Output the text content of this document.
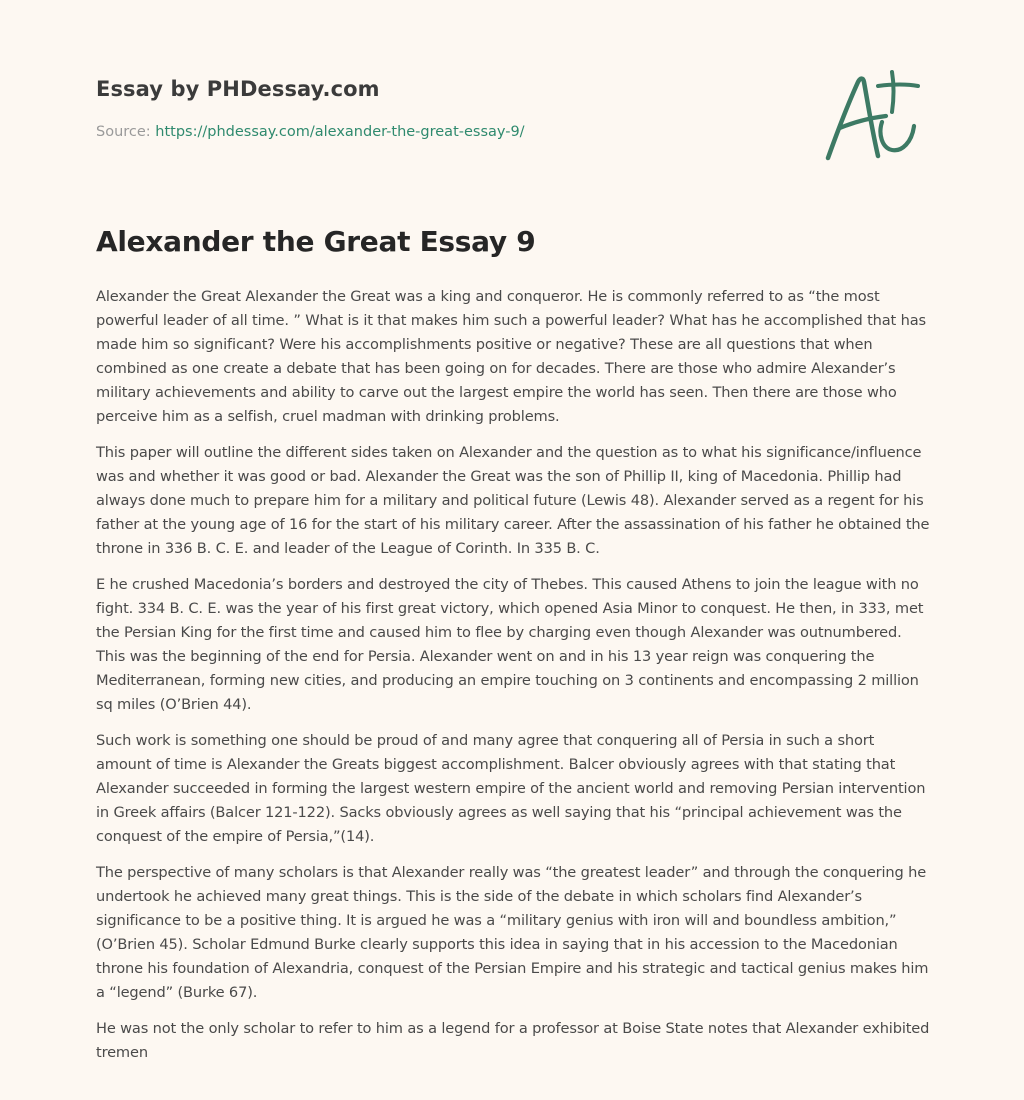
Essay by PHDessay.com
Source: https://phdessay.com/alexander-the-great-essay-9/
Alexander the Great Essay 9

Alexander the Great Alexander the Great was a king and conqueror. He is commonly referred to as “the most powerful leader of all time. ” What is it that makes him such a powerful leader? What has he accomplished that has made him so significant? Were his accomplishments positive or negative? These are all questions that when combined as one create a debate that has been going on for decades. There are those who admire Alexander’s military achievements and ability to carve out the largest empire the world has seen. Then there are those who perceive him as a selfish, cruel madman with drinking problems.

This paper will outline the different sides taken on Alexander and the question as to what his significance/influence was and whether it was good or bad. Alexander the Great was the son of Phillip II, king of Macedonia. Phillip had always done much to prepare him for a military and political future (Lewis 48). Alexander served as a regent for his father at the young age of 16 for the start of his military career. After the assassination of his father he obtained the throne in 336 B. C. E. and leader of the League of Corinth. In 335 B. C.

E he crushed Macedonia’s borders and destroyed the city of Thebes. This caused Athens to join the league with no fight. 334 B. C. E. was the year of his first great victory, which opened Asia Minor to conquest. He then, in 333, met the Persian King for the first time and caused him to flee by charging even though Alexander was outnumbered. This was the beginning of the end for Persia. Alexander went on and in his 13 year reign was conquering the Mediterranean, forming new cities, and producing an empire touching on 3 continents and encompassing 2 million sq miles (O’Brien 44).

Such work is something one should be proud of and many agree that conquering all of Persia in such a short amount of time is Alexander the Greats biggest accomplishment. Balcer obviously agrees with that stating that Alexander succeeded in forming the largest western empire of the ancient world and removing Persian intervention in Greek affairs (Balcer 121-122). Sacks obviously agrees as well saying that his “principal achievement was the conquest of the empire of Persia,”(14).

The perspective of many scholars is that Alexander really was “the greatest leader” and through the conquering he undertook he achieved many great things. This is the side of the debate in which scholars find Alexander’s significance to be a positive thing. It is argued he was a “military genius with iron will and boundless ambition,” (O’Brien 45). Scholar Edmund Burke clearly supports this idea in saying that in his accession to the Macedonian throne his foundation of Alexandria, conquest of the Persian Empire and his strategic and tactical genius makes him a “legend” (Burke 67).

He was not the only scholar to refer to him as a legend for a professor at Boise State notes that Alexander exhibited tremen
